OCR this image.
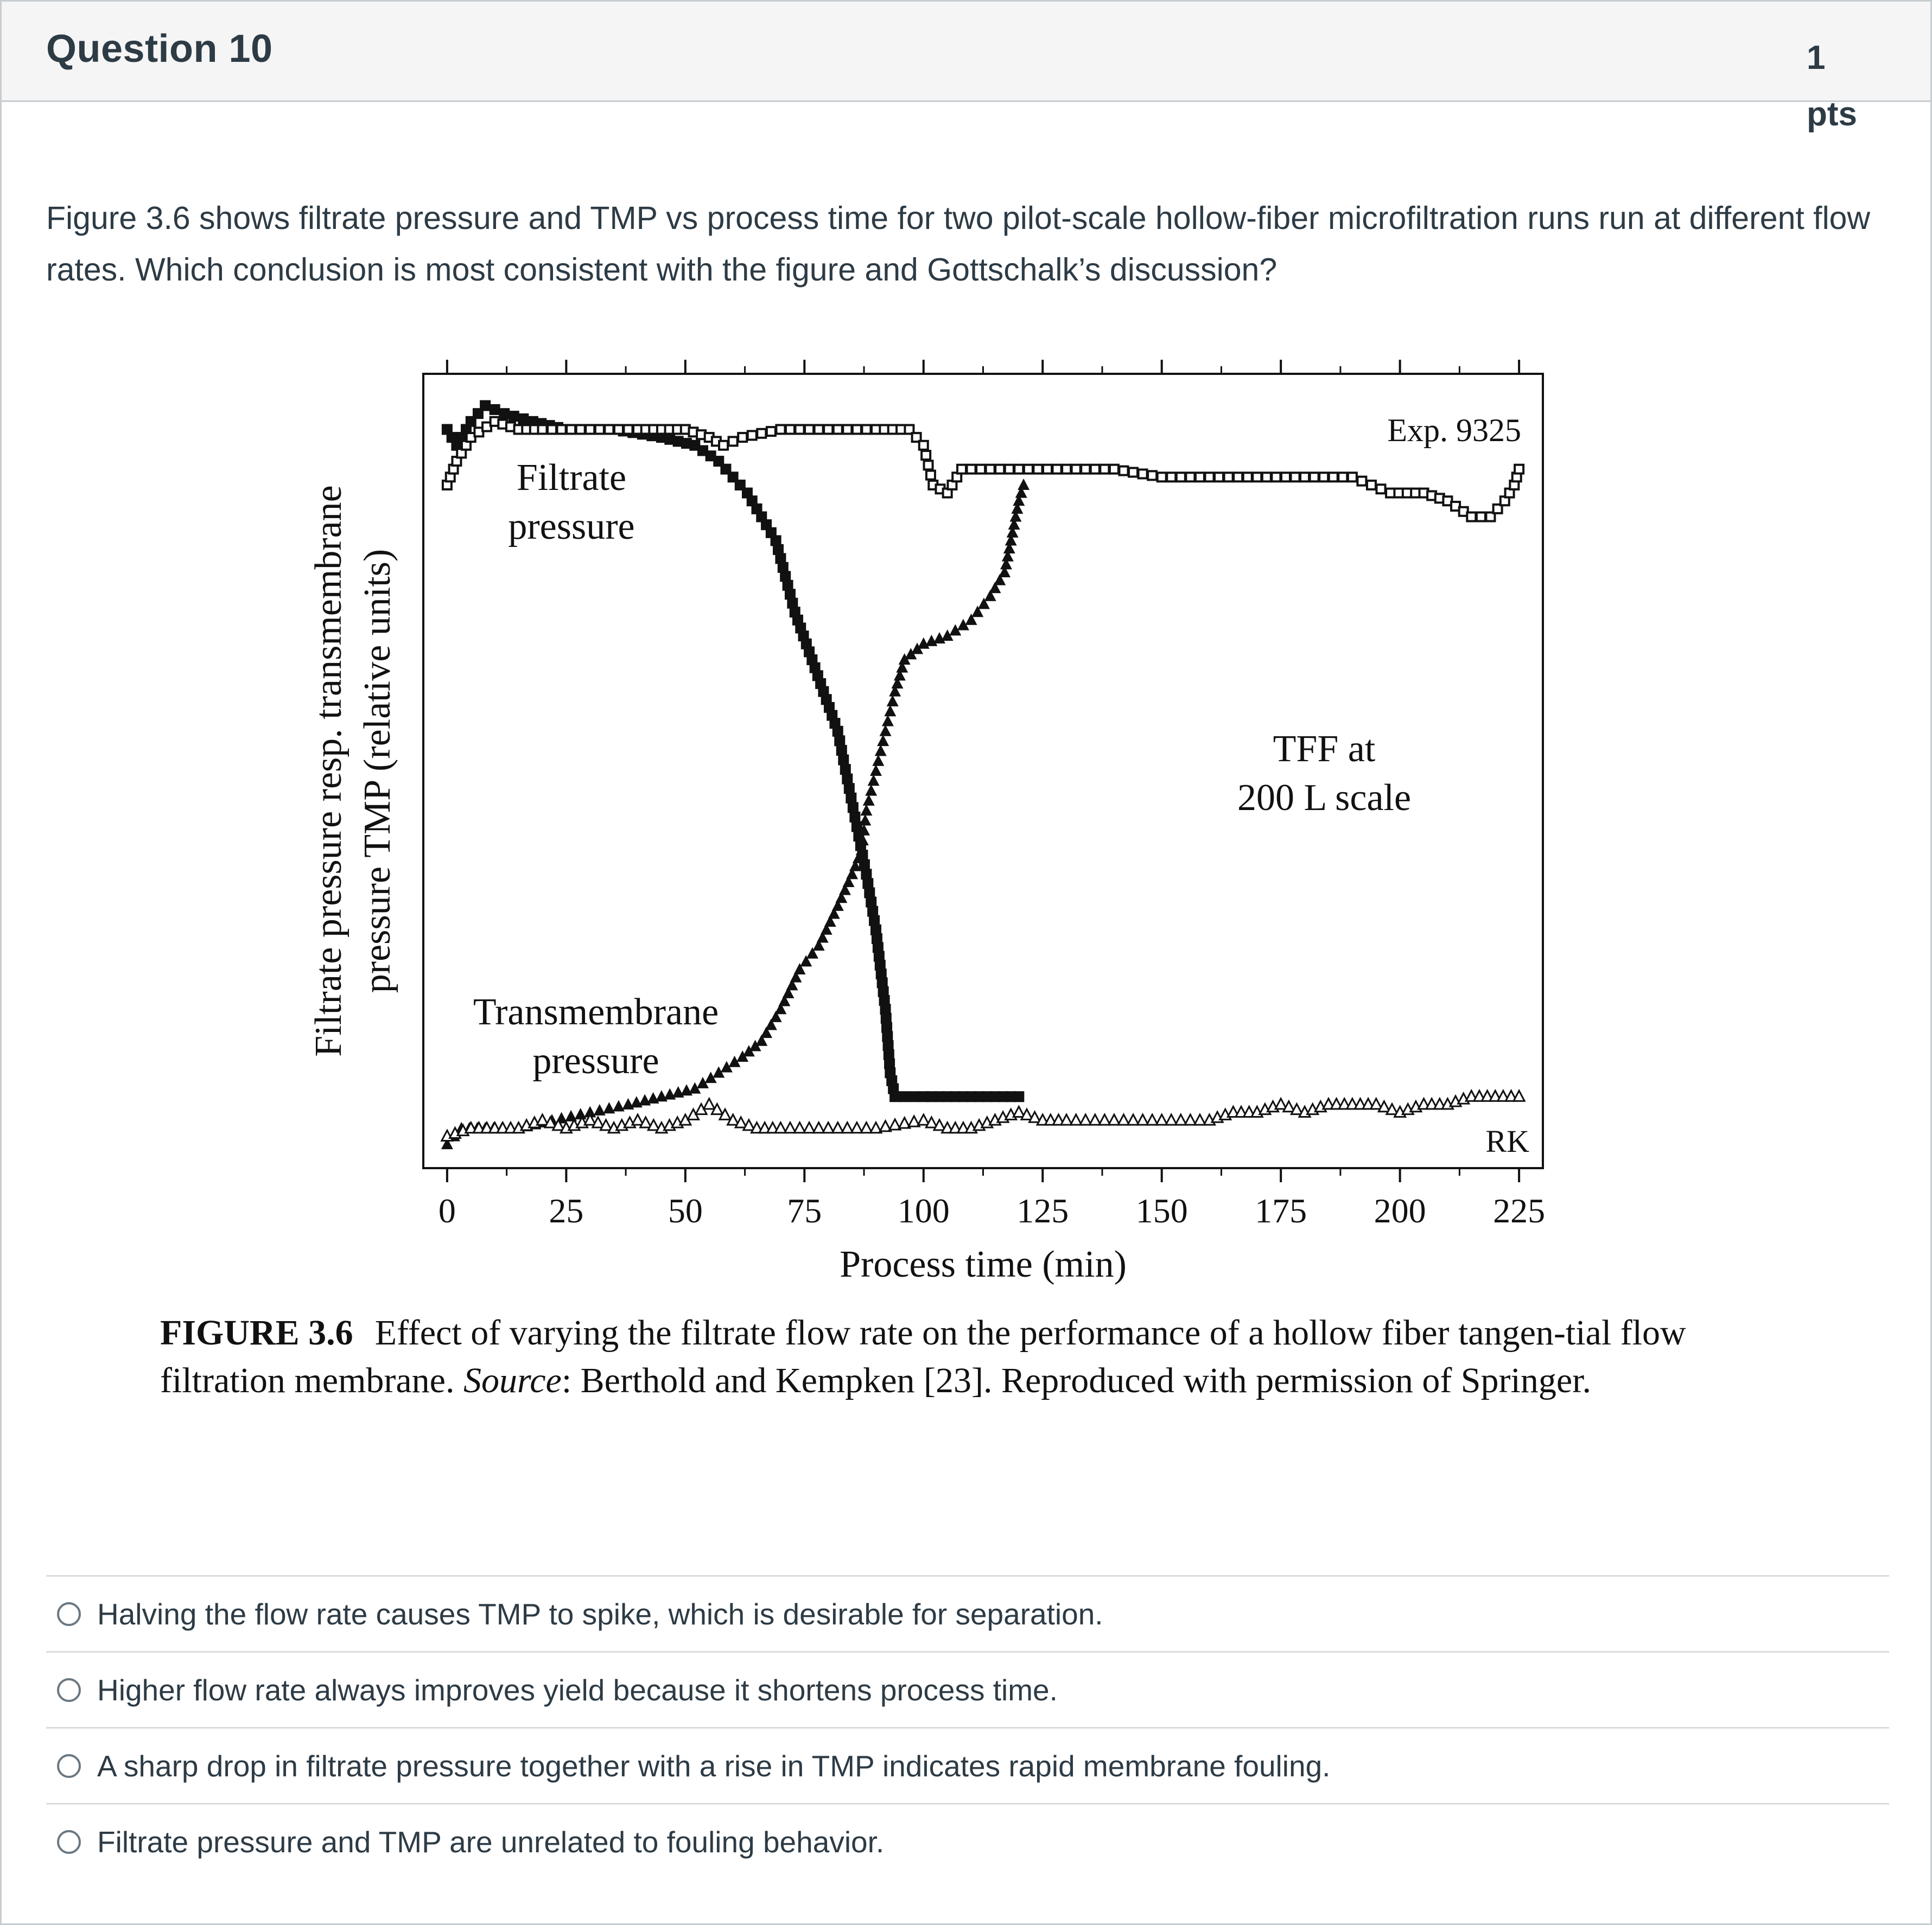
Question 10	1 pts
Figure 3.6 shows filtrate pressure and TMP vs process time for two pilot-scale hollow-fiber microfiltration runs run at different flow rates. Which conclusion is most consistent with the figure and Gottschalk’s discussion?
0	25 50 75 100 125 150 175 200 225
Process time (min)
Filtrate pressure resp. transmembrane pressure TMP (relative units)
Exp. 9325
Filtrate
pressure
Transmembrane
pressure
TFF at
200 L scale
RK
FIGURE 3.6 Effect of varying the filtrate flow rate on the performance of a hollow fiber tangen-tial flow filtration membrane. Source: Berthold and Kempken [23]. Reproduced with permission of Springer.
Halving the flow rate causes TMP to spike, which is desirable for separation.
Higher flow rate always improves yield because it shortens process time.
A sharp drop in filtrate pressure together with a rise in TMP indicates rapid membrane fouling.
Filtrate pressure and TMP are unrelated to fouling behavior.
